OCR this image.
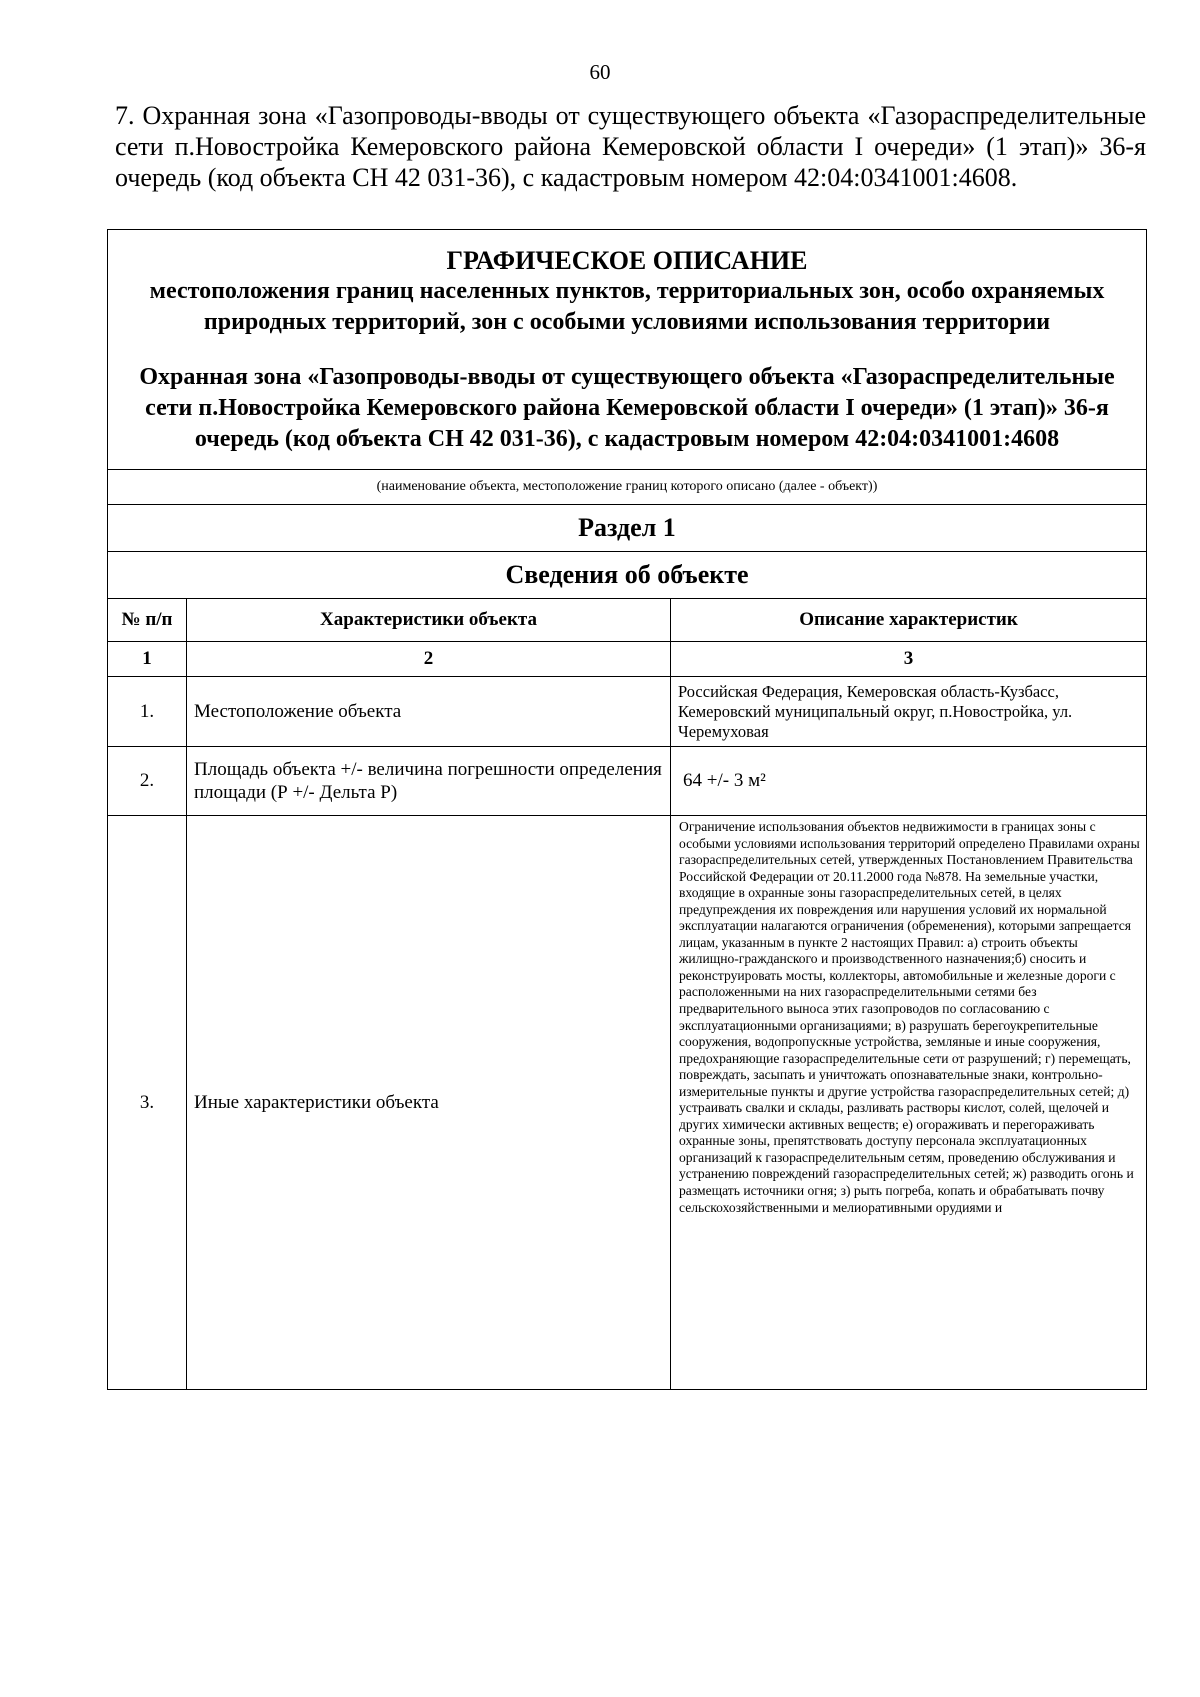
60
7. Охранная зона «Газопроводы-вводы от существующего объекта «Газораспределительные сети п.Новостройка Кемеровского района Кемеровской области I очереди» (1 этап)» 36-я очередь (код объекта СН 42 031-36), с кадастровым номером 42:04:0341001:4608.
ГРАФИЧЕСКОЕ ОПИСАНИЕ
местоположения границ населенных пунктов, территориальных зон, особо охраняемых природных территорий, зон с особыми условиями использования территории
Охранная зона «Газопроводы-вводы от существующего объекта «Газораспределительные сети п.Новостройка Кемеровского района Кемеровской области I очереди» (1 этап)» 36-я очередь (код объекта СН 42 031-36), с кадастровым номером 42:04:0341001:4608		

(наименование объекта, местоположение границ которого описано (далее - объект))		
Раздел 1		
Сведения об объекте		
№ п/п	Характеристики объекта	Описание характеристик
1	2	3
1.	Местоположение объекта	Российская Федерация, Кемеровская область-Кузбасс, Кемеровский муниципальный округ, п.Новостройка, ул. Черемуховая
2.	Площадь объекта +/- величина погрешности определения площади (Р +/- Дельта Р)	64 +/- 3 м²
3.	Иные характеристики объекта	Ограничение использования объектов недвижимости в границах зоны с особыми условиями использования территорий определено Правилами охраны газораспределительных сетей, утвержденных Постановлением Правительства Российской Федерации от 20.11.2000 года №878. На земельные участки, входящие в охранные зоны газораспределительных сетей, в целях предупреждения их повреждения или нарушения условий их нормальной эксплуатации налагаются ограничения (обременения), которыми запрещается лицам, указанным в пункте 2 настоящих Правил: а) строить объекты жилищно-гражданского и производственного назначения;б) сносить и реконструировать мосты, коллекторы, автомобильные и железные дороги с расположенными на них газораспределительными сетями без предварительного выноса этих газопроводов по согласованию с эксплуатационными организациями; в) разрушать берегоукрепительные сооружения, водопропускные устройства, земляные и иные сооружения, предохраняющие газораспределительные сети от разрушений; г) перемещать, повреждать, засыпать и уничтожать опознавательные знаки, контрольно-измерительные пункты и другие устройства газораспределительных сетей; д) устраивать свалки и склады, разливать растворы кислот, солей, щелочей и других химически активных веществ; е) огораживать и перегораживать охранные зоны, препятствовать доступу персонала эксплуатационных организаций к газораспределительным сетям, проведению обслуживания и устранению повреждений газораспределительных сетей; ж) разводить огонь и размещать источники огня; з) рыть погреба, копать и обрабатывать почву сельскохозяйственными и мелиоративными орудиями и
